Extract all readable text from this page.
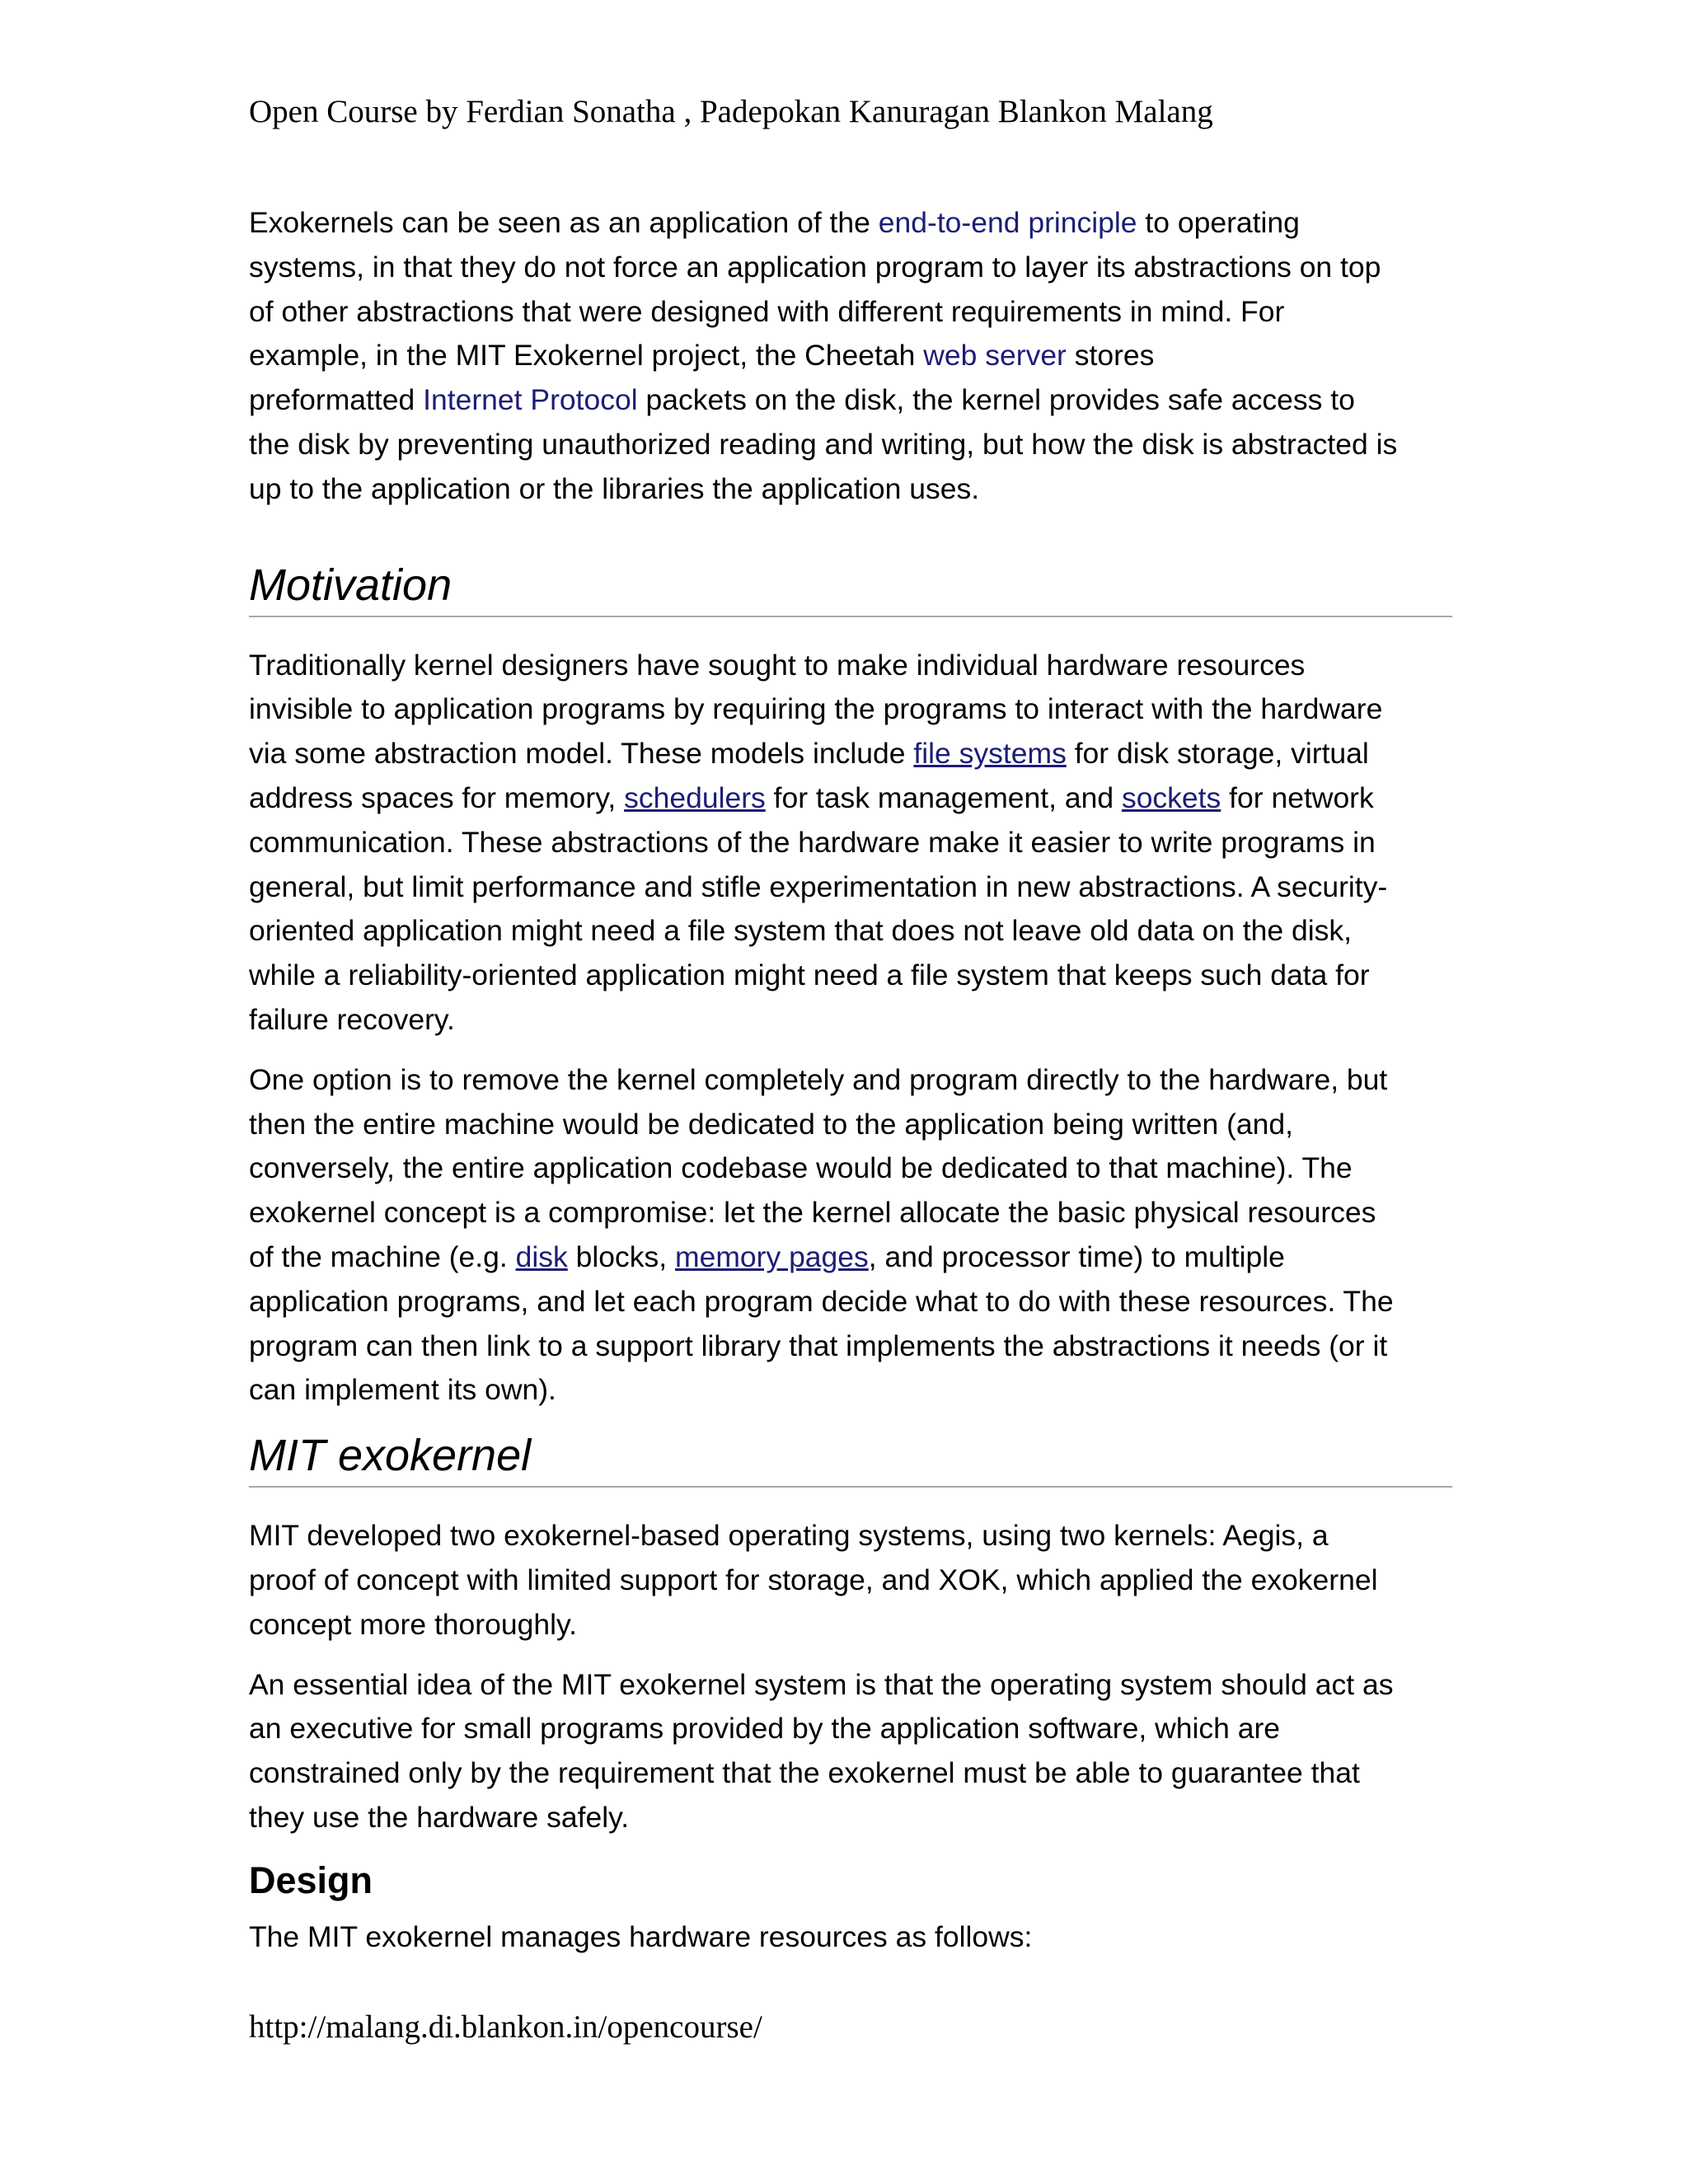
Open Course by Ferdian Sonatha , Padepokan Kanuragan Blankon Malang

Exokernels can be seen as an application of the end-to-end principle to operating
systems, in that they do not force an application program to layer its abstractions on top
of other abstractions that were designed with different requirements in mind. For
example, in the MIT Exokernel project, the Cheetah web server stores
preformatted Internet Protocol packets on the disk, the kernel provides safe access to
the disk by preventing unauthorized reading and writing, but how the disk is abstracted is
up to the application or the libraries the application uses.

Motivation

Traditionally kernel designers have sought to make individual hardware resources
invisible to application programs by requiring the programs to interact with the hardware
via some abstraction model. These models include file systems for disk storage, virtual
address spaces for memory, schedulers for task management, and sockets for network
communication. These abstractions of the hardware make it easier to write programs in
general, but limit performance and stifle experimentation in new abstractions. A security-
oriented application might need a file system that does not leave old data on the disk,
while a reliability-oriented application might need a file system that keeps such data for
failure recovery.

One option is to remove the kernel completely and program directly to the hardware, but
then the entire machine would be dedicated to the application being written (and,
conversely, the entire application codebase would be dedicated to that machine). The
exokernel concept is a compromise: let the kernel allocate the basic physical resources
of the machine (e.g. disk blocks, memory pages, and processor time) to multiple
application programs, and let each program decide what to do with these resources. The
program can then link to a support library that implements the abstractions it needs (or it
can implement its own).

MIT exokernel

MIT developed two exokernel-based operating systems, using two kernels: Aegis, a
proof of concept with limited support for storage, and XOK, which applied the exokernel
concept more thoroughly.

An essential idea of the MIT exokernel system is that the operating system should act as
an executive for small programs provided by the application software, which are
constrained only by the requirement that the exokernel must be able to guarantee that
they use the hardware safely.

Design

The MIT exokernel manages hardware resources as follows:

http://malang.di.blankon.in/opencourse/
